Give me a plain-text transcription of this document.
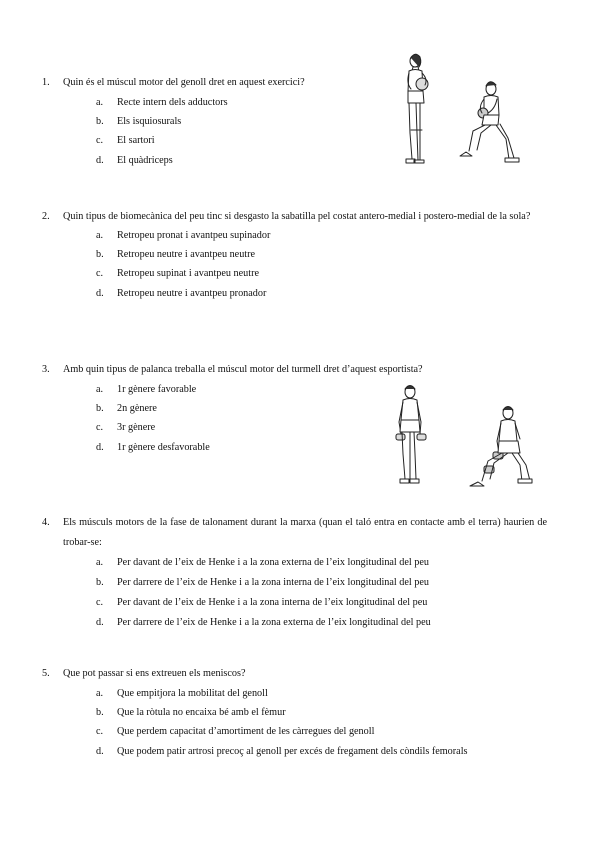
1.	Quin és el múscul motor del genoll dret en aquest exercici?
a.	Recte intern dels adductors
b.	Els isquiosurals
c.	El sartori
d.	El quàdriceps
2.	Quin tipus de biomecànica del peu tinc si desgasto la sabatilla pel costat antero-medial i postero-medial de la sola?
a.	Retropeu pronat i avantpeu supinador
b.	Retropeu neutre i avantpeu neutre
c.	Retropeu supinat i avantpeu neutre
d.	Retropeu neutre i avantpeu pronador
3.	Amb quin tipus de palanca treballa el múscul motor del turmell dret d’aquest esportista?
a.	1r gènere favorable
b.	2n gènere
c.	3r gènere
d.	1r gènere desfavorable
4.	Els músculs motors de la fase de talonament durant la marxa (quan el taló entra en contacte amb el terra) haurien de trobar-se:
a.	Per davant de l’eix de Henke i a la zona externa de l’eix longitudinal del peu
b.	Per darrere de l’eix de Henke i a la zona interna de l’eix longitudinal del peu
c.	Per davant de l’eix de Henke i a la zona interna de l’eix longitudinal del peu
d.	Per darrere de l’eix de Henke i a la zona externa de l’eix longitudinal del peu
5.	Que pot passar si ens extreuen els meniscos?
a.	Que empitjora la mobilitat del genoll
b.	Que la ròtula no encaixa bé amb el fèmur
c.	Que perdem capacitat d’amortiment de les càrregues del genoll
d.	Que podem patir artrosi precoç al genoll per excés de fregament dels còndils femorals
